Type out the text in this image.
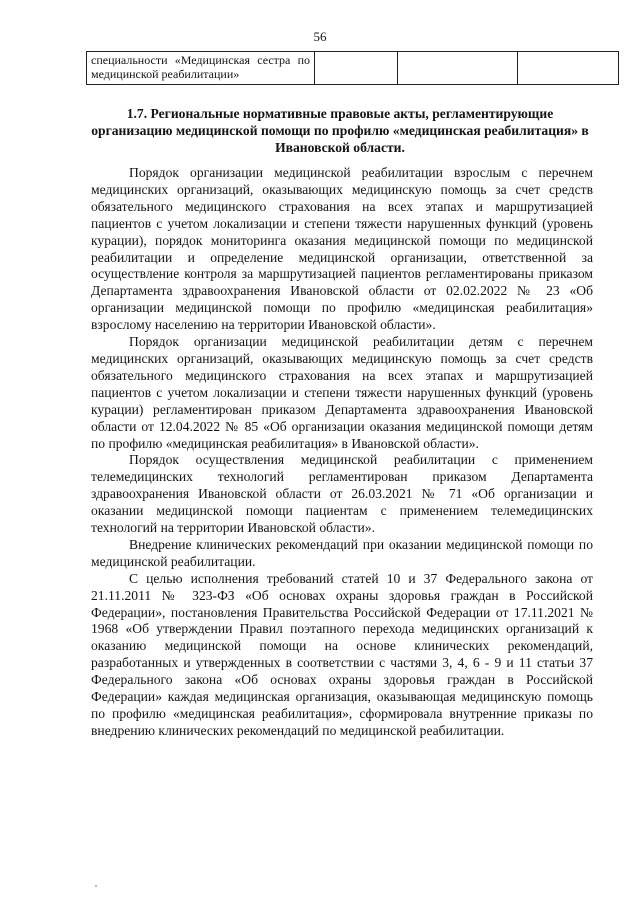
56
специальности «Медицинская сестра по медицинской реабилитации»			
1.7. Региональные нормативные правовые акты, регламентирующие организацию медицинской помощи по профилю «медицинская реабилитация» в Ивановской области.

Порядок организации медицинской реабилитации взрослым с перечнем медицинских организаций, оказывающих медицинскую помощь за счет средств обязательного медицинского страхования на всех этапах и маршрутизацией пациентов с учетом локализации и степени тяжести нарушенных функций (уровень курации), порядок мониторинга оказания медицинской помощи по медицинской реабилитации и определение медицинской организации, ответственной за осуществление контроля за маршрутизацией пациентов регламентированы приказом Департамента здравоохранения Ивановской области от 02.02.2022 № 23 «Об организации медицинской помощи по профилю «медицинская реабилитация» взрослому населению на территории Ивановской области».

Порядок организации медицинской реабилитации детям с перечнем медицинских организаций, оказывающих медицинскую помощь за счет средств обязательного медицинского страхования на всех этапах и маршрутизацией пациентов с учетом локализации и степени тяжести нарушенных функций (уровень курации) регламентирован приказом Департамента здравоохранения Ивановской области от 12.04.2022 № 85 «Об организации оказания медицинской помощи детям по профилю «медицинская реабилитация» в Ивановской области».

Порядок осуществления медицинской реабилитации с применением телемедицинских технологий регламентирован приказом Департамента здравоохранения Ивановской области от 26.03.2021 № 71 «Об организации и оказании медицинской помощи пациентам с применением телемедицинских технологий на территории Ивановской области».

Внедрение клинических рекомендаций при оказании медицинской помощи по медицинской реабилитации.

С целью исполнения требований статей 10 и 37 Федерального закона от 21.11.2011 № 323-ФЗ «Об основах охраны здоровья граждан в Российской Федерации», постановления Правительства Российской Федерации от 17.11.2021 № 1968 «Об утверждении Правил поэтапного перехода медицинских организаций к оказанию медицинской помощи на основе клинических рекомендаций, разработанных и утвержденных в соответствии с частями 3, 4, 6 - 9 и 11 статьи 37 Федерального закона «Об основах охраны здоровья граждан в Российской Федерации» каждая медицинская организация, оказывающая медицинскую помощь по профилю «медицинская реабилитация», сформировала внутренние приказы по внедрению клинических рекомендаций по медицинской реабилитации.
